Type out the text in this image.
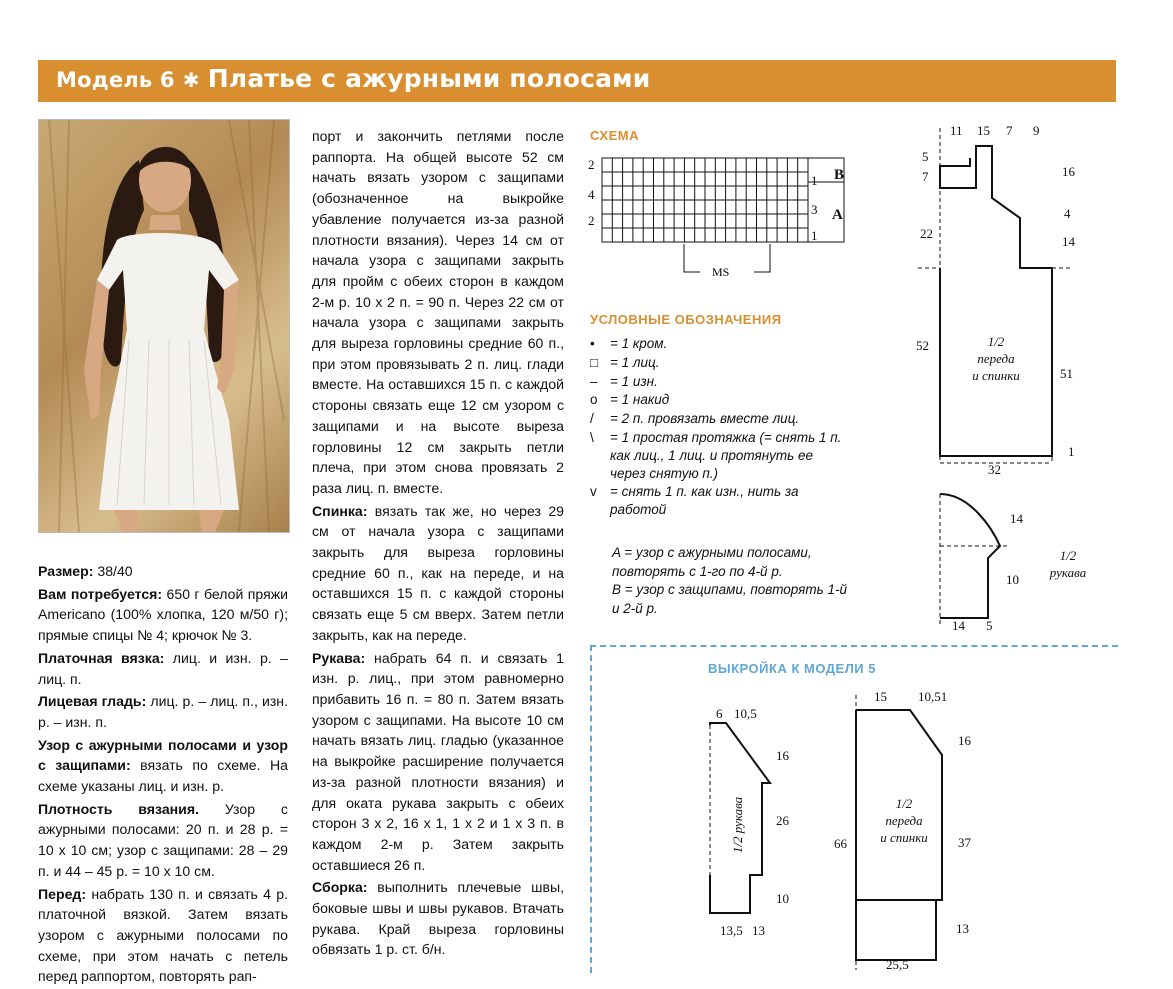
Модель 6 ✱ Платье с ажурными полосами

Размер: 38/40

Вам потребуется: 650 г белой пряжи Americano (100% хлопка, 120 м/50 г); прямые спицы № 4; крючок № 3.

Платочная вязка: лиц. и изн. р. – лиц. п.

Лицевая гладь: лиц. р. – лиц. п., изн. р. – изн. п.

Узор с ажурными полосами и узор с защипами: вязать по схеме. На схеме указаны лиц. и изн. р.

Плотность вязания. Узор с ажурными полосами: 20 п. и 28 р. = 10 х 10 см; узор с защипами: 28 – 29 п. и 44 – 45 р. = 10 х 10 см.

Перед: набрать 130 п. и связать 4 р. платочной вязкой. Затем вязать узором с ажурными полосами по схеме, при этом начать с петель перед раппортом, повторять рап-

порт и закончить петлями после раппорта. На общей высоте 52 см начать вязать узором с защипами (обозначенное на выкройке убавление получается из-за разной плотности вязания). Через 14 см от начала узора с защипами закрыть для пройм с обеих сторон в каждом 2-м р. 10 х 2 п. = 90 п. Через 22 см от начала узора с защипами закрыть для выреза горловины средние 60 п., при этом провязывать 2 п. лиц. глади вместе. На оставшихся 15 п. с каждой стороны связать еще 12 см узором с защипами и на высоте выреза горловины 12 см закрыть петли плеча, при этом снова провязать 2 раза лиц. п. вместе.

Спинка: вязать так же, но через 29 см от начала узора с защипами закрыть для выреза горловины средние 60 п., как на переде, и на оставшихся 15 п. с каждой стороны связать еще 5 см вверх. Затем петли закрыть, как на переде.

Рукава: набрать 64 п. и связать 1 изн. р. лиц., при этом равномерно прибавить 16 п. = 80 п. Затем вязать узором с защипами. На высоте 10 см начать вязать лиц. гладью (указанное на выкройке расширение получается из-за разной плотности вязания) и для оката рукава закрыть с обеих сторон 3 х 2, 16 х 1, 1 х 2 и 1 х 3 п. в каждом 2-м р. Затем закрыть оставшиеся 26 п.

Сборка: выполнить плечевые швы, боковые швы и швы рукавов. Втачать рукава. Край выреза горловины обвязать 1 р. ст. б/н.

СХЕМА
2
4
2
1
3
1
B
A
MS
УСЛОВНЫЕ ОБОЗНАЧЕНИЯ
•	= 1 кром.
□ = 1 лиц.
– = 1 изн.
o = 1 накид
/	= 2 п. провязать вместе лиц.
\	= 1 простая протяжка (= снять 1 п. как лиц., 1 лиц. и протянуть ее через снятую п.)
v = снять 1 п. как изн., нить за работой
A = узор с ажурными полосами, повторять с 1-го по 4-й р.
B = узор с защипами, повторять 1-й и 2-й р.
11 15 7 9
5
7
22
52
16
4
14
51
1
32
1/2
переда
и спинки
14
10
14 5
1/2
рукава
ВЫКРОЙКА К МОДЕЛИ 5
6 10,5
16
26
10
13,5 13
15 10,51
16
37
13
66
25,5
1/2 рукава	1/2
переда
и спинки
